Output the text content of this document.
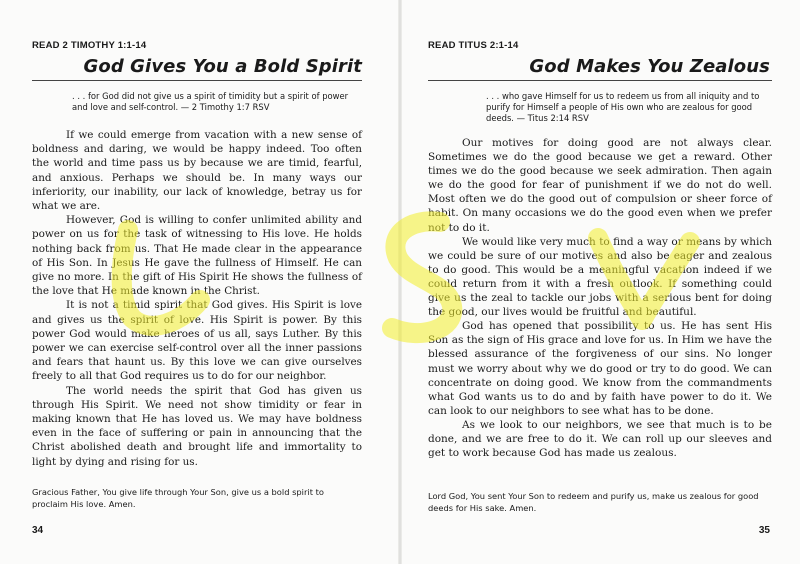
READ 2 TIMOTHY 1:1-14
God Gives You a Bold Spirit
. . . for God did not give us a spirit of timidity but a spirit of power and love and self-control. — 2 Timothy 1:7 RSV

If we could emerge from vacation with a new sense of boldness and daring, we would be happy indeed. Too often the world and time pass us by because we are timid, fearful, and anxious. Perhaps we should be. In many ways our inferiority, our inability, our lack of knowledge, betray us for what we are.

However, God is willing to confer unlimited ability and power on us for the task of witnessing to His love. He holds nothing back from us. That He made clear in the appearance of His Son. In Jesus He gave the fullness of Himself. He can give no more. In the gift of His Spirit He shows the fullness of the love that He made known in the Christ.

It is not a timid spirit that God gives. His Spirit is love and gives us the spirit of love. His Spirit is power. By this power God would make heroes of us all, says Luther. By this power we can exercise self-control over all the inner passions and fears that haunt us. By this love we can give ourselves freely to all that God requires us to do for our neighbor.

The world needs the spirit that God has given us through His Spirit. We need not show timidity or fear in making known that He has loved us. We may have boldness even in the face of suffering or pain in announcing that the Christ abolished death and brought life and immortality to light by dying and rising for us.

Gracious Father, You give life through Your Son, give us a bold spirit to proclaim His love. Amen.
34
READ TITUS 2:1-14
God Makes You Zealous
. . . who gave Himself for us to redeem us from all iniquity and to purify for Himself a people of His own who are zealous for good deeds. — Titus 2:14 RSV

Our motives for doing good are not always clear. Sometimes we do the good because we get a reward. Other times we do the good because we seek admiration. Then again we do the good for fear of punishment if we do not do well. Most often we do the good out of compulsion or sheer force of habit. On many occasions we do the good even when we prefer not to do it.

We would like very much to find a way or means by which we could be sure of our motives and also be eager and zealous to do good. This would be a meaningful vacation indeed if we could return from it with a fresh outlook. If something could give us the zeal to tackle our jobs with a serious bent for doing the good, our lives would be fruitful and beautiful.

God has opened that possibility to us. He has sent His Son as the sign of His grace and love for us. In Him we have the blessed assurance of the forgiveness of our sins. No longer must we worry about why we do good or try to do good. We can concentrate on doing good. We know from the commandments what God wants us to do and by faith have power to do it. We can look to our neighbors to see what has to be done.

As we look to our neighbors, we see that much is to be done, and we are free to do it. We can roll up our sleeves and get to work because God has made us zealous.

Lord God, You sent Your Son to redeem and purify us, make us zealous for good deeds for His sake. Amen.
35
